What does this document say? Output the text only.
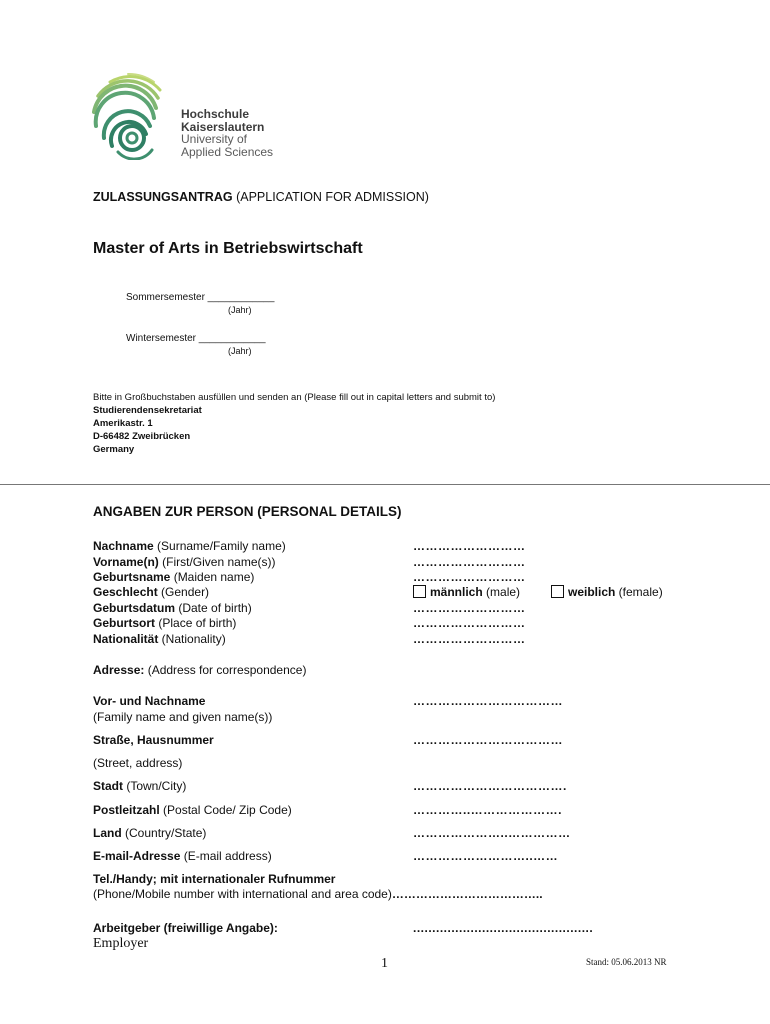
Hochschule
Kaiserslautern
University of
Applied Sciences
ZULASSUNGSANTRAG (APPLICATION FOR ADMISSION)
Master of Arts in Betriebswirtschaft
Sommersemester ____________
(Jahr)
Wintersemester ____________
(Jahr)
Bitte in Großbuchstaben ausfüllen und senden an (Please fill out in capital letters and submit to)
Studierendensekretariat
Amerikastr. 1
D-66482 Zweibrücken
Germany
ANGABEN ZUR PERSON (PERSONAL DETAILS)
Nachname (Surname/Family name)	………………………
Vorname(n) (First/Given name(s))	………………………
Geburtsname (Maiden name)	………………………
Geschlecht (Gender)	männlich (male)	weiblich (female)
Geburtsdatum (Date of birth)	………………………
Geburtsort (Place of birth)	………………………
Nationalität (Nationality)	………………………
Adresse: (Address for correspondence)
Vor- und Nachname	………………………………
(Family name and given name(s))
Straße, Hausnummer	………………………………
(Street, address)
Stadt (Town/City)	……………………………….
Postleitzahl (Postal Code/ Zip Code)	…………..………………….
Land (Country/State)	…………………..……………
E-mail-Adresse (E-mail address)	………………………..……
Tel./Handy; mit internationaler Rufnummer
(Phone/Mobile number with international and area code)………………………………..
Arbeitgeber (freiwillige Angabe):	...............................................
Employer
1	Stand: 05.06.2013 NR
